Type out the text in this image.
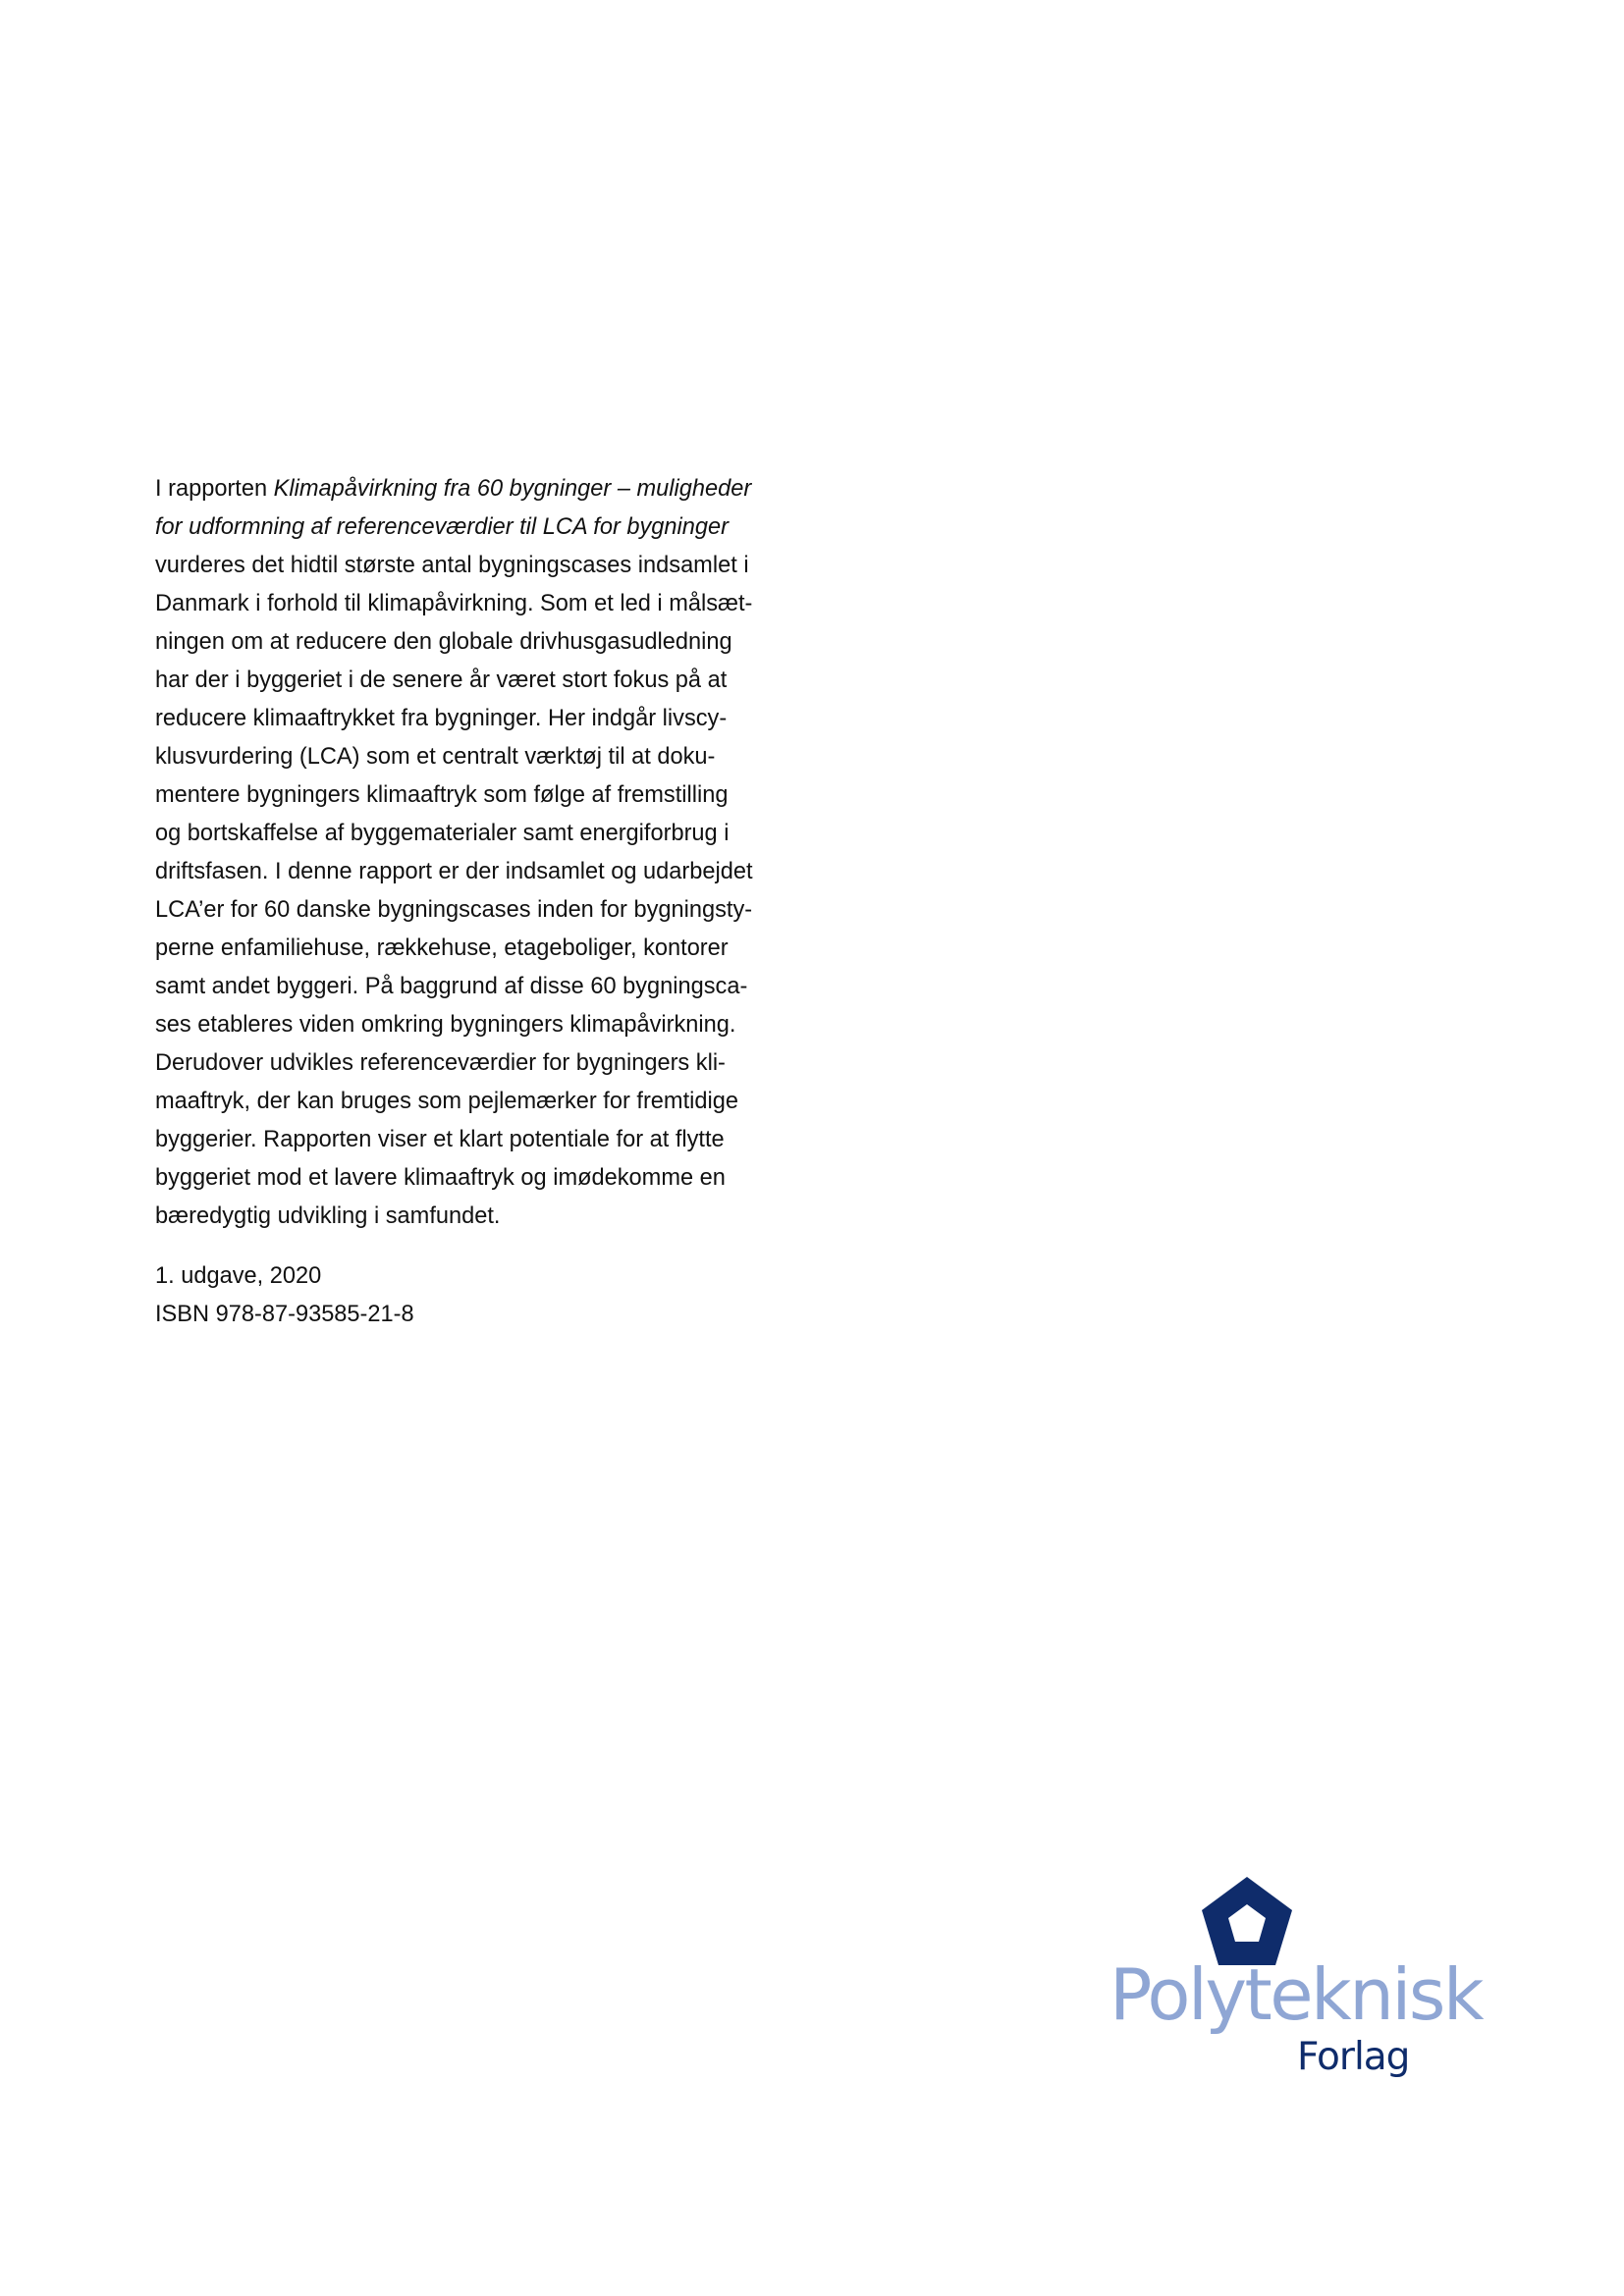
I rapporten Klimapåvirkning fra 60 bygninger – muligheder
for udformning af referenceværdier til LCA for bygninger
vurderes det hidtil største antal bygningscases indsamlet i
Danmark i forhold til klimapåvirkning. Som et led i målsæt-
ningen om at reducere den globale drivhusgasudledning
har der i byggeriet i de senere år været stort fokus på at
reducere klimaaftrykket fra bygninger. Her indgår livscy-
klusvurdering (LCA) som et centralt værktøj til at doku-
mentere bygningers klimaaftryk som følge af fremstilling
og bortskaffelse af byggematerialer samt energiforbrug i
driftsfasen. I denne rapport er der indsamlet og udarbejdet
LCA’er for 60 danske bygningscases inden for bygningsty-
perne enfamiliehuse, rækkehuse, etageboliger, kontorer
samt andet byggeri. På baggrund af disse 60 bygningsca-
ses etableres viden omkring bygningers klimapåvirkning.
Derudover udvikles referenceværdier for bygningers kli-
maaftryk, der kan bruges som pejlemærker for fremtidige
byggerier. Rapporten viser et klart potentiale for at flytte
byggeriet mod et lavere klimaaftryk og imødekomme en
bæredygtig udvikling i samfundet.
1. udgave, 2020
ISBN 978-87-93585-21-8
Polyteknisk
Forlag
